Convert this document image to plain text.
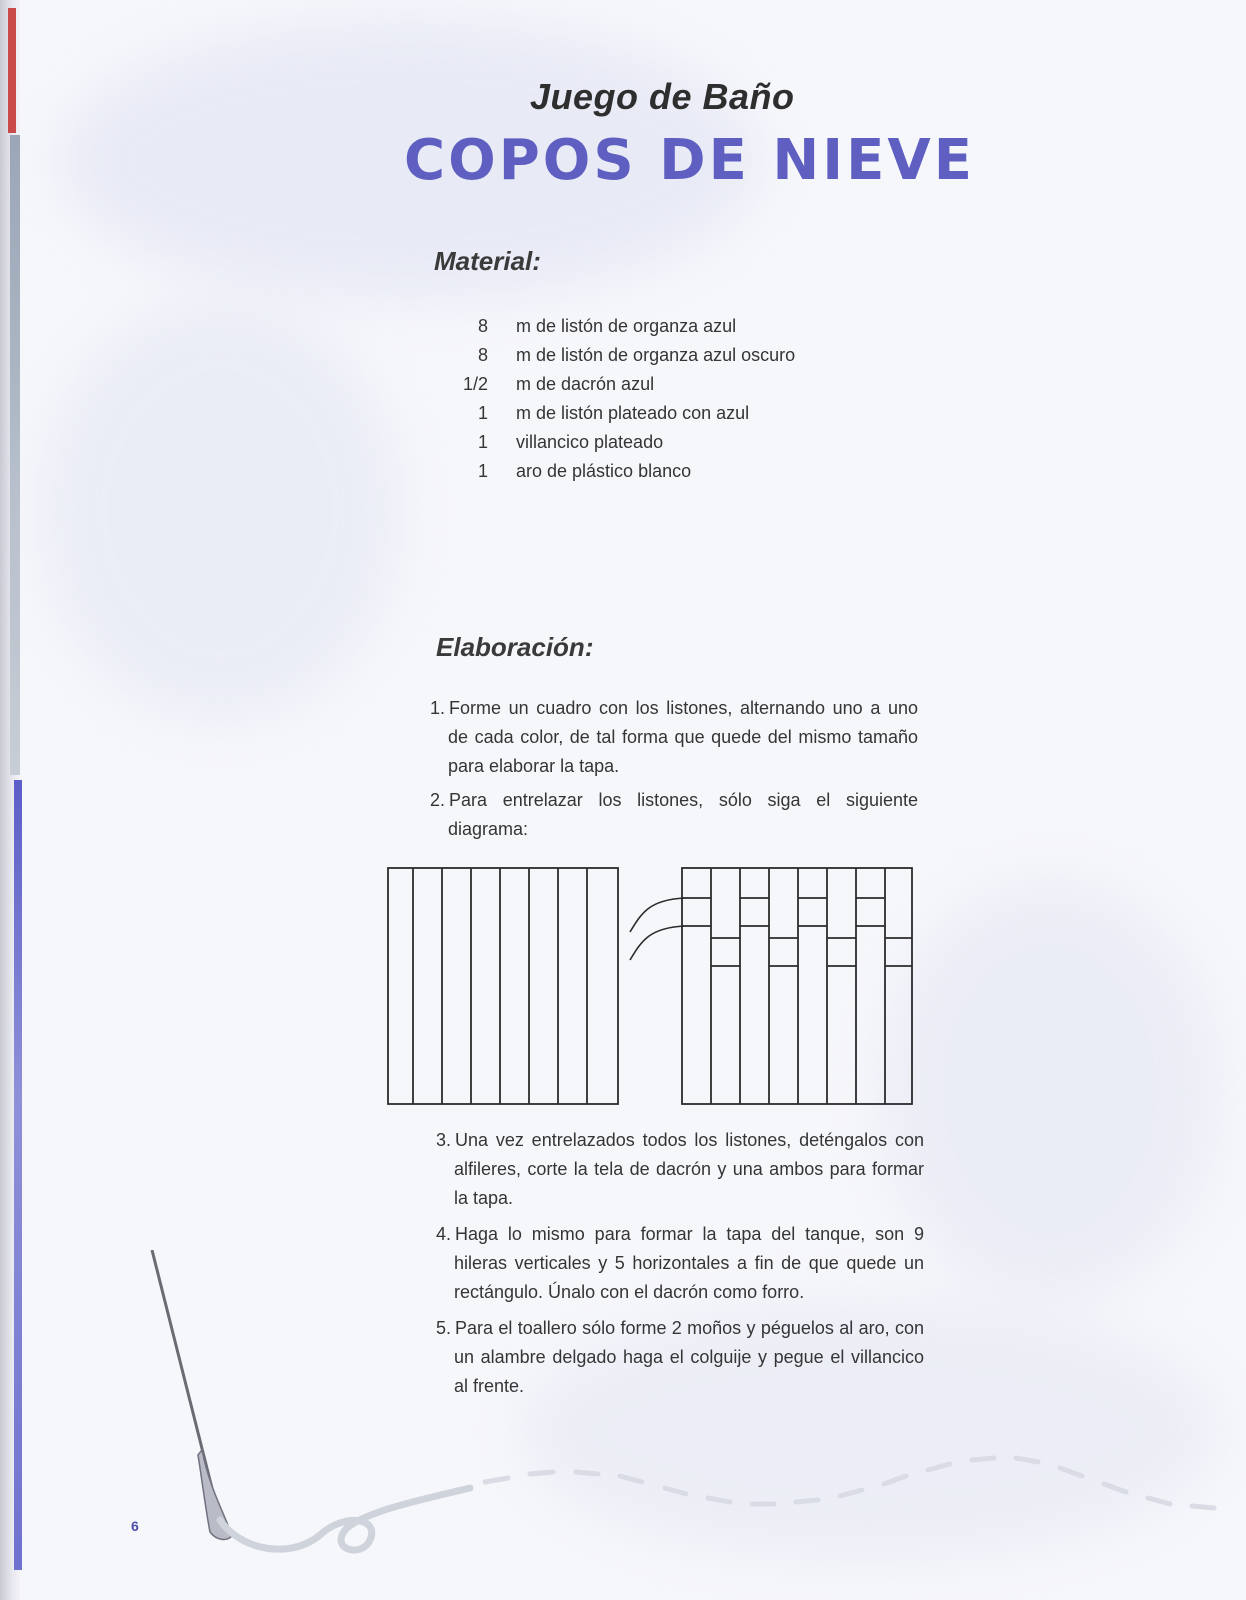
Juego de Baño
COPOS DE NIEVE
Material:
8 m de listón de organza azul
8 m de listón de organza azul oscuro
1/2 m de dacrón azul
1 m de listón plateado con azul
1 villancico plateado
1 aro de plástico blanco
Elaboración:

1. Forme un cuadro con los listones, alternando uno a uno de cada color, de tal forma que quede del mismo tamaño para elaborar la tapa.

2. Para entrelazar los listones, sólo siga el siguiente diagrama:

3. Una vez entrelazados todos los listones, deténgalos con alfileres, corte la tela de dacrón y una ambos para formar la tapa.

4. Haga lo mismo para formar la tapa del tanque, son 9 hileras verticales y 5 horizontales a fin de que quede un rectángulo. Únalo con el dacrón como forro.

5. Para el toallero sólo forme 2 moños y péguelos al aro, con un alambre delgado haga el colguije y pegue el villancico al frente.

6
